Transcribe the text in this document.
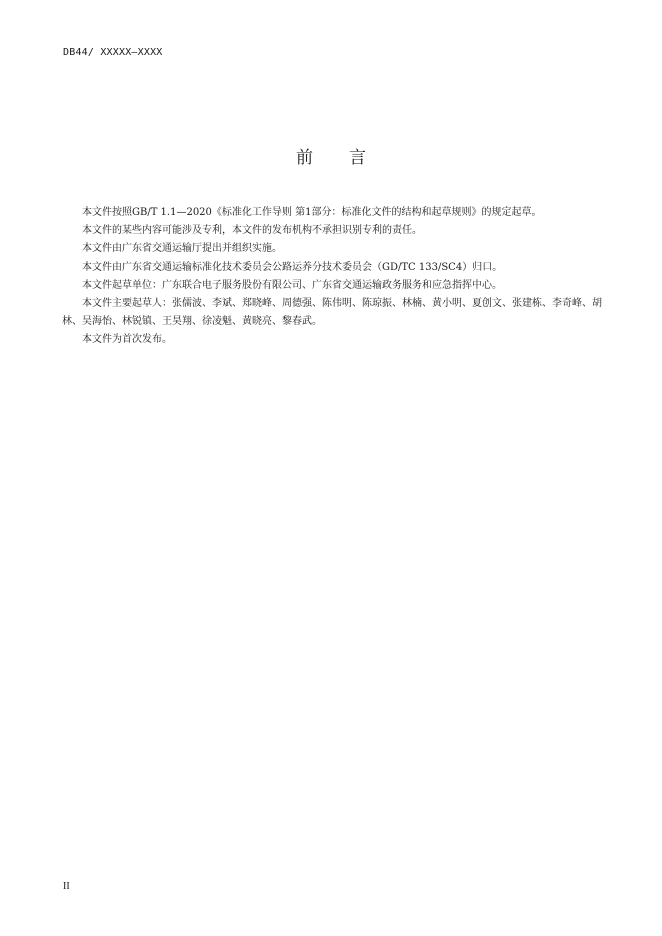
DB44/ XXXXX—XXXX
前 言

本文件按照GB/T 1.1—2020《标准化工作导则 第1部分：标准化文件的结构和起草规则》的规定起草。

本文件的某些内容可能涉及专利，本文件的发布机构不承担识别专利的责任。

本文件由广东省交通运输厅提出并组织实施。

本文件由广东省交通运输标准化技术委员会公路运养分技术委员会（GD/TC 133/SC4）归口。

本文件起草单位：广东联合电子服务股份有限公司、广东省交通运输政务服务和应急指挥中心。

本文件主要起草人：张儒波、李斌、郑晓峰、周德强、陈伟明、陈琼振、林楠、黄小明、夏创文、张建栋、李奇峰、胡林、吴海怡、林锐镇、王昊翔、徐凌魁、黄晓亮、黎春武。

本文件为首次发布。

II
